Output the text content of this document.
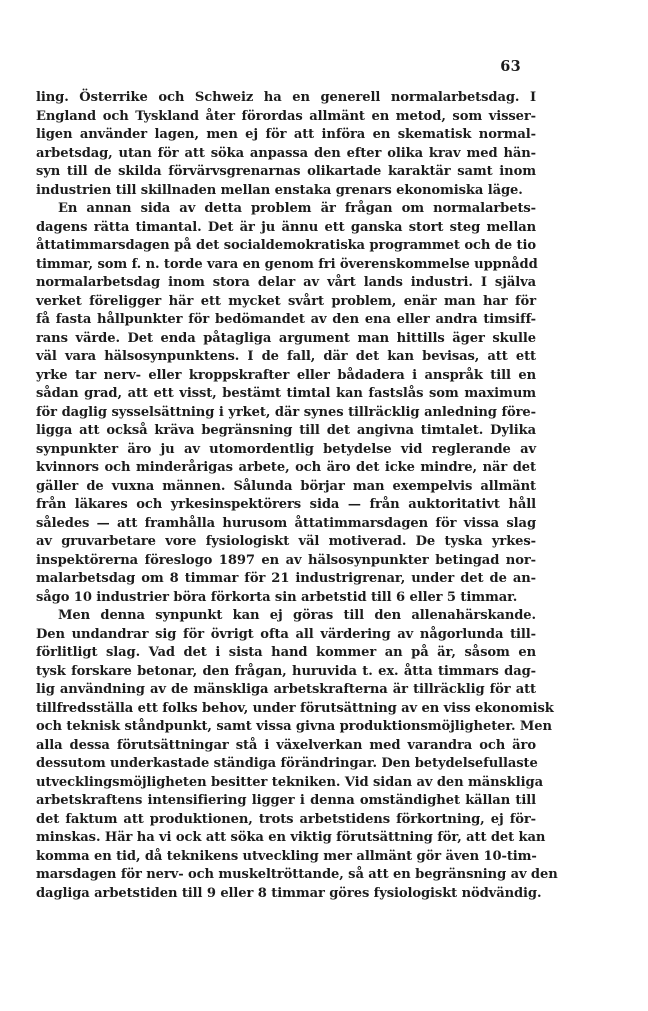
63
ling. Österrike och Schweiz ha en generell normalarbetsdag. I
England och Tyskland åter förordas allmänt en metod, som visser-
ligen använder lagen, men ej för att införa en skematisk normal-
arbetsdag, utan för att söka anpassa den efter olika krav med hän-
syn till de skilda förvärvsgrenarnas olikartade karaktär samt inom
industrien till skillnaden mellan enstaka grenars ekonomiska läge.
En annan sida av detta problem är frågan om normalarbets-
dagens rätta timantal. Det är ju ännu ett ganska stort steg mellan
åttatimmarsdagen på det socialdemokratiska programmet och de tio
timmar, som f. n. torde vara en genom fri överenskommelse uppnådd
normalarbetsdag inom stora delar av vårt lands industri. I själva
verket föreligger här ett mycket svårt problem, enär man har för
få fasta hållpunkter för bedömandet av den ena eller andra timsiff-
rans värde. Det enda påtagliga argument man hittills äger skulle
väl vara hälsosynpunktens. I de fall, där det kan bevisas, att ett
yrke tar nerv- eller kroppskrafter eller bådadera i anspråk till en
sådan grad, att ett visst, bestämt timtal kan fastslås som maximum
för daglig sysselsättning i yrket, där synes tillräcklig anledning före-
ligga att också kräva begränsning till det angivna timtalet. Dylika
synpunkter äro ju av utomordentlig betydelse vid reglerande av
kvinnors och minderårigas arbete, och äro det icke mindre, när det
gäller de vuxna männen. Sålunda börjar man exempelvis allmänt
från läkares och yrkesinspektörers sida — från auktoritativt håll
således — att framhålla hurusom åttatimmarsdagen för vissa slag
av gruvarbetare vore fysiologiskt väl motiverad. De tyska yrkes-
inspektörerna föreslogo 1897 en av hälsosynpunkter betingad nor-
malarbetsdag om 8 timmar för 21 industrigrenar, under det de an-
sågo 10 industrier böra förkorta sin arbetstid till 6 eller 5 timmar.
Men denna synpunkt kan ej göras till den allenahärskande.
Den undandrar sig för övrigt ofta all värdering av någorlunda till-
förlitligt slag. Vad det i sista hand kommer an på är, såsom en
tysk forskare betonar, den frågan, huruvida t. ex. åtta timmars dag-
lig användning av de mänskliga arbetskrafterna är tillräcklig för att
tillfredsställa ett folks behov, under förutsättning av en viss ekonomisk
och teknisk ståndpunkt, samt vissa givna produktionsmöjligheter. Men
alla dessa förutsättningar stå i växelverkan med varandra och äro
dessutom underkastade ständiga förändringar. Den betydelsefullaste
utvecklingsmöjligheten besitter tekniken. Vid sidan av den mänskliga
arbetskraftens intensifiering ligger i denna omständighet källan till
det faktum att produktionen, trots arbetstidens förkortning, ej för-
minskas. Här ha vi ock att söka en viktig förutsättning för, att det kan
komma en tid, då teknikens utveckling mer allmänt gör även 10-tim-
marsdagen för nerv- och muskeltröttande, så att en begränsning av den
dagliga arbetstiden till 9 eller 8 timmar göres fysiologiskt nödvändig.
